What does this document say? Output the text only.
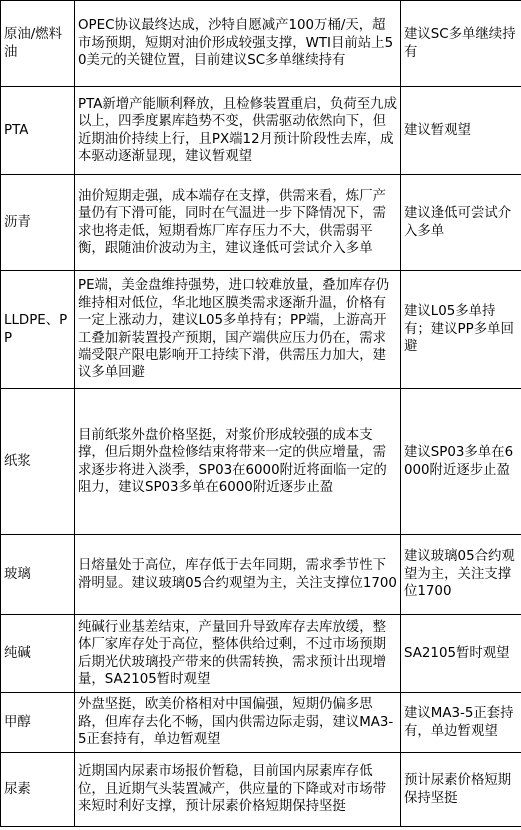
原油/燃料油	OPEC协议最终达成，沙特自愿减产100万桶/天，超市场预期，短期对油价形成较强支撑，WTI目前站上50美元的关键位置，目前建议SC多单继续持有	建议SC多单继续持有
PTA	PTA新增产能顺利释放，且检修装置重启，负荷至九成以上，四季度累库趋势不变，供需驱动依然向下，但近期油价持续上行，且PX端12月预计阶段性去库，成本驱动逐渐显现，建议暂观望	建议暂观望
沥青	油价短期走强，成本端存在支撑，供需来看，炼厂产量仍有下滑可能，同时在气温进一步下降情况下，需求也将走低，短期看炼厂库存压力不大，供需弱平衡，跟随油价波动为主，建议逢低可尝试介入多单	建议逢低可尝试介入多单
LLDPE、PP	PE端，美金盘维持强势，进口较难放量，叠加库存仍维持相对低位，华北地区膜类需求逐渐升温，价格有一定上涨动力，建议L05多单持有；PP端，上游高开工叠加新装置投产预期，国产端供应压力仍在，需求端受限产限电影响开工持续下滑，供需压力加大，建议多单回避	建议L05多单持有；建议PP多单回避
纸浆	目前纸浆外盘价格坚挺，对浆价形成较强的成本支撑，但后期外盘检修结束将带来一定的供应增量，需求逐步将进入淡季，SP03在6000附近将面临一定的阻力，建议SP03多单在6000附近逐步止盈	建议SP03多单在6000附近逐步止盈
玻璃	日熔量处于高位，库存低于去年同期，需求季节性下滑明显。建议玻璃05合约观望为主，关注支撑位1700	建议玻璃05合约观望为主，关注支撑位1700
纯碱	纯碱行业基差结束，产量回升导致库存去库放缓，整体厂家库存处于高位，整体供给过剩，不过市场预期后期光伏玻璃投产带来的供需转换，需求预计出现增量，SA2105暂时观望	SA2105暂时观望
甲醇	外盘坚挺，欧美价格相对中国偏强，短期仍偏多思路，但库存去化不畅，国内供需边际走弱，建议MA3-5正套持有，单边暂观望	建议MA3-5正套持有，单边暂观望
尿素	近期国内尿素市场报价暂稳，目前国内尿素库存低位，且近期气头装置减产，供应量的下降或对市场带来短时利好支撑，预计尿素价格短期保持坚挺	预计尿素价格短期保持坚挺
